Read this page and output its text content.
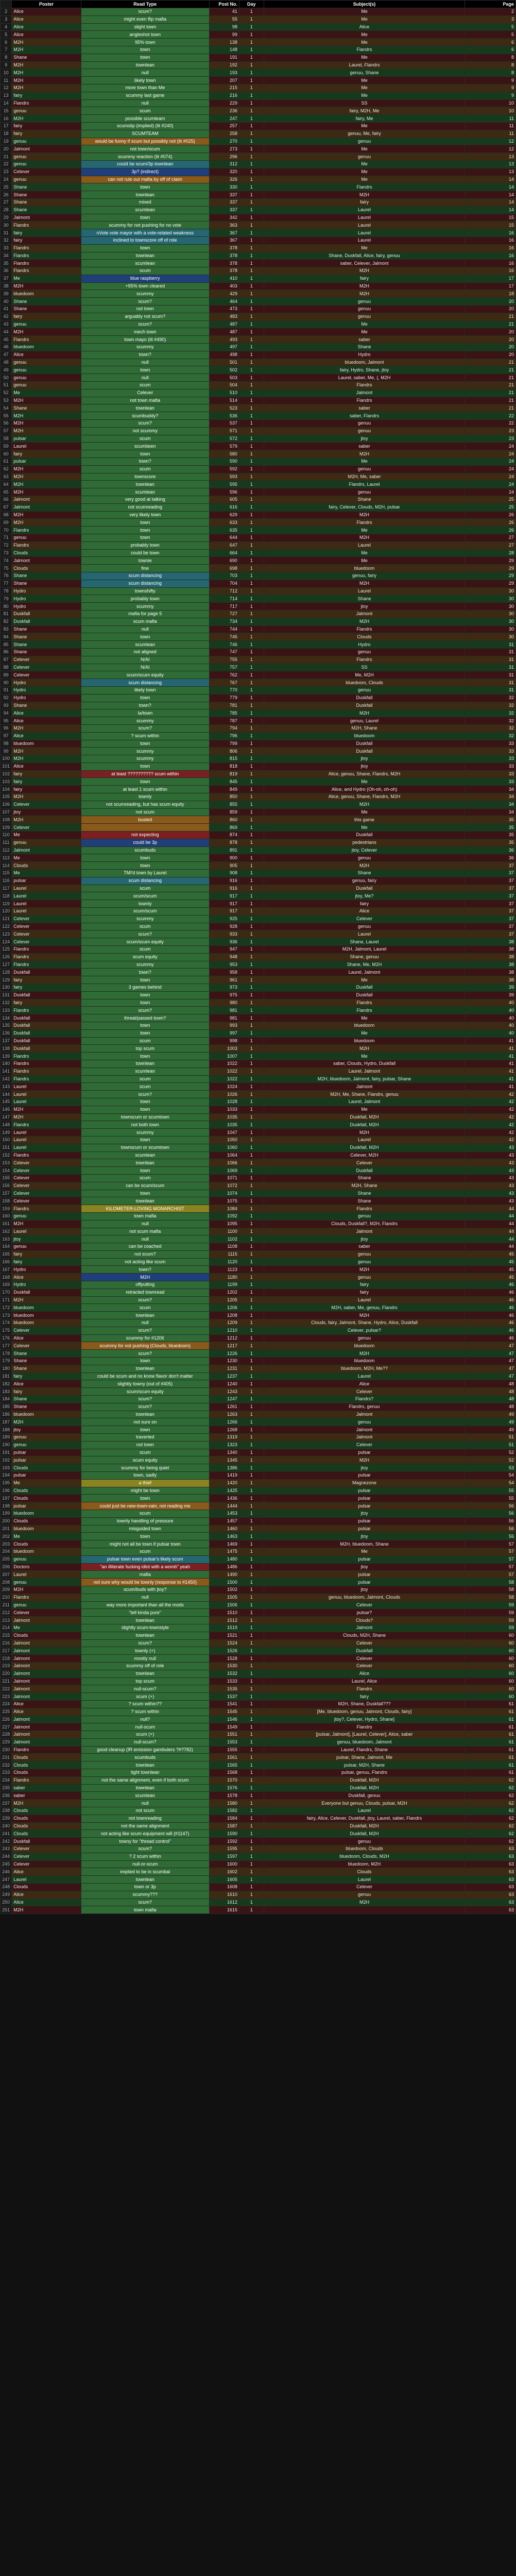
	Poster	Read Type	Post No.	Day	Subject(s)	Page
2	Alice	scum?	41	1	Me	2
3	Alice	might even flip mafia	55	1	Me	3
4	Alice	slight town	98	1	Alice	5
5	Alice	angleshot town	99	1	Me	5
6	M2H	95% town	138	1	Me	6
7	M2H	town	148	1	Flandrs	6
8	Shane	town	191	1	Me	8
9	M2H	townlean	192	1	Laurel, Flandrs	8
10	M2H	null	193	1	genuu, Shane	8
11	M2H	likely town	207	1	Me	9
12	M2H	more town than Me	215	1	Me	9
13	fairy	scummy last game	216	1	Me	9
14	Flandrs	null	229	1	SS	10
15	genuu	scum	236	1	fairy, M2H, Me	10
16	M2H	possible scumteam	247	1	fairy, Me	11
17	fairy	scumslip (implied) (lit #240)	257	1	Me	11
18	fairy	SCUMTEAM	258	1	genuu, Me, fairy	11
19	genuu	would be funny if scum but possibly not (lit #025)	270	1	genuu	12
20	Jalmont	not town/scum	273	1	Me	12
21	genuu	scummy reaction (lit #074)	296	1	genuu	13
22	genuu	could be scum/3p townlean	312	1	Me	13
23	Celever	3p? (indirect)	320	1	Me	13
24	genuu	can not rule out mafia by off of claim	326	1	Me	14
25	Shane	town	330	1	Flandrs	14
26	Shane	townlean	337	1	M2H	14
27	Shane	mixed	337	1	fairy	14
28	Shane	scumlean	337	1	Laurel	14
29	Jalmont	town	342	1	Laurel	15
30	Flandrs	scummy for not pushing for no vote	363	1	Laurel	15
31	fairy	nVote vote mayor with a vote-related weakness	367	1	Laurel	16
32	fairy	inclined to townscore off of role	367	1	Laurel	16
33	Flandrs	town	378	1	Me	16
34	Flandrs	townlean	378	1	Shane, Duskfall, Alice, fairy, genuu	16
35	Flandrs	scumlean	378	1	saber, Celever, Jalmont	16
36	Flandrs	scum	378	1	M2H	16
37	Me	blue raspberry	410	1	fairy	17
38	M2H	+95% town cleared	403	1	M2H	17
39	bluedoom	scummy	429	1	M2H	18
40	Shane	scum?	464	1	genuu	20
41	Shane	not town	473	1	genuu	20
42	fairy	arguably not scum?	483	1	genuu	21
43	genuu	scum?	487	1	Me	21
44	M2H	mech town	487	1	Me	20
45	Flandrs	town mayo (lit #490)	493	1	saber	20
46	bluedoom	scummy	497	1	Shane	20
47	Alice	town?	498	1	Hydro	20
48	genuu	null	501	1	bluedoom, Jalmont	21
49	genuu	town	502	1	fairy, Hydro, Shane, jtoy	21
50	genuu	null	503	1	Laurel, saber, Me, (, M2H	21
51	genuu	scum	504	1	Flandrs	21
52	Me	Celever	510	1	Jalmont	21
53	M2H	not town mafia	514	1	Flandrs	21
54	Shane	townlean	523	1	saber	21
55	M2H	scumbuddy?	536	1	saber, Flandrs	22
56	M2H	scum?	537	1	genuu	22
57	M2H	not scummy	571	1	genuu	23
58	pulsar	scum	572	1	jtoy	23
59	Laurel	scumbeen	579	1	saber	24
60	fairy	town	580	1	M2H	24
61	pulsar	town?	590	1	Me	24
62	M2H	scum	592	1	genuu	24
63	M2H	townscore	593	1	M2H, Me, saber	24
64	M2H	townlean	595	1	Flandrs, Laurel	24
65	M2H	scumlean	596	1	genuu	24
66	Jalmont	very good at talking	605	1	Shane	25
67	Jalmont	not scumreading	616	1	fairy, Celever, Clouds, M2H, pulsar	25
68	M2H	very likely town	629	1	M2H	26
69	M2H	town	633	1	Flandrs	26
70	Flandrs	town	635	1	Me	26
71	genuu	town	644	1	M2H	27
72	Flandrs	probably town	647	1	Laurel	27
73	Clouds	could be town	664	1	Me	28
74	Jalmont	townie	690	1	Me	29
75	Clouds	fine	698	1	bluedoom	29
76	Shane	scum distancing	703	1	genuu, fairy	29
77	Shane	scum distancing	704	1	M2H	29
78	Hydro	townshifty	712	1	Laurel	30
79	Hydro	probably town	714	1	Shane	30
80	Hydro	scummy	717	1	jtoy	30
81	Duskfall	mafia for page 5	727	1	Jalmont	30
82	Duskfall	scum mafia	734	1	M2H	30
83	Shane	null	744	1	Flandrs	30
84	Shane	town	745	1	Clouds	30
85	Shane	scumlean	746	1	Hydro	31
86	Shane	not aligned	747	1	genuu	31
87	Celever	N/AI	755	1	Flandrs	31
88	Celever	N/AI	757	1	SS	31
89	Celever	scum/scum equity	762	1	Me, M2H	31
90	Hydro	scum distancing	767	1	bluedoom, Clouds	31
91	Hydro	likely town	770	1	genuu	31
92	Hydro	town	779	1	Duskfall	32
93	Shane	town?	781	1	Duskfall	32
94	Alice	Ia/town	785	1	M2H	32
95	Alice	scummy	787	1	genuu, Laurel	32
96	M2H	scum?	794	1	M2H, Shane	32
97	Alice	? scum within	796	1	bluedoom	32
98	bluedoom	town	799	1	Duskfall	33
99	M2H	scummy	806	1	Duskfall	33
100	M2H	scummy	815	1	jtoy	33
101	Alice	town	818	1	jtoy	33
102	fairy	at least ?????????? scum within	819	1	Alice, genuu, Shane, Flandrs, M2H	33
103	fairy	town	845	1	Me	33
104	fairy	at least 1 scum within	849	1	Alice, and Hydro (Oh-oh, oh-oh)	34
105	M2H	townly	850	1	Alice, genuu, Shane, Flandrs, M2H	34
106	Celever	not scumreading, but has scum equity	855	1	M2H	34
107	jtoy	not scum	859	1	Me	34
108	M2H	busted	860	1	this game	35
109	Celever		869	1	Me	35
110	Me	not expecting	874	1	Duskfall	35
111	genuu	could be 3p	878	1	pedestrians	35
112	Jalmont	scumbuds	891	1	jtoy, Celever	36
113	Me	town	900	1	genuu	36
114	Clouds	town	905	1	M2H	37
115	Me	TMI'd town by Laurel	908	1	Shane	37
116	pulsar	scum distancing	916	1	genuu, fairy	37
117	Laurel	scum	916	1	Duskfall	37
118	Laurel	scum/scum	917	1	jtoy, Me?	37
119	Laurel	townly	917	1	fairy	37
120	Laurel	scum/scum	917	1	Alice	37
121	Celever	scummy	925	1	Celever	37
122	Celever	scum	928	1	genuu	37
123	Celever	scum?	933	1	Laurel	37
124	Celever	scum/scum equity	936	1	Shane, Laurel	38
125	Flandrs	scum	947	1	M2H, Jalmont, Laurel	38
126	Flandrs	scum equity	948	1	Shane, genuu	38
127	Flandrs	scummy	953	1	Shane, Me, M2H	38
128	Duskfall	town?	958	1	Laurel, Jalmont	38
129	fairy	town	961	1	Me	38
130	fairy	3 games behind	973	1	Duskfall	39
131	Duskfall	town	975	1	Duskfall	39
132	fairy	town	980	1	Flandrs	40
133	Flandrs	scum?	981	1	Flandrs	40
134	Duskfall	threat/passed town?	981	1	Me	40
135	Duskfall	town	993	1	bluedoom	40
136	Duskfall	town	997	1	Me	40
137	Duskfall	scum	998	1	bluedoom	41
138	Duskfall	top scum	1003	1	M2H	41
139	Flandrs	town	1007	1	Me	41
140	Flandrs	townlean	1022	1	saber, Clouds, Hydro, Duskfall	41
141	Flandrs	scumlean	1022	1	Laurel, Jalmont	41
142	Flandrs	scum	1022	1	M2H, bluedoom, Jalmont, fairy, pulsar, Shane	41
143	Laurel	scum	1024	1	Jalmont	41
144	Laurel	scum?	1026	1	M2H, Me, Shane, Flandrs, genuu	42
145	Laurel	town	1028	1	Laurel, Jalmont	42
146	M2H	town	1033	1	Me	42
147	M2H	townscum or scumtown	1035	1	Duskfall, M2H	42
148	Flandrs	not both town	1035	1	Duskfall, M2H	42
149	Laurel	scummy	1047	1	M2H	42
150	Laurel	town	1050	1	Laurel	42
151	Laurel	townscum or scumtown	1060	1	Duskfall, M2H	43
152	Flandrs	scumlean	1064	1	Celever, M2H	43
153	Celever	townlean	1066	1	Celever	43
154	Celever	town	1069	1	Duskfall	43
155	Celever	scum	1071	1	Shane	43
156	Celever	can be scum/scum	1072	1	M2H, Shane	43
157	Celever	town	1074	1	Shane	43
158	Celever	townlean	1075	1	Shane	43
159	Flandrs	KILOMETER-LOVING MONARCHIST	1084	1	Flandrs	44
160	genuu	town mafia	1092	1	genuu	44
161	M2H	null	1095	1	Clouds, Duskfall?, M2H, Flandrs	44
162	Laurel	not scum mafia	1100	1	Jalmont	44
163	jtoy	null	1102	1	jtoy	44
164	genuu	can be coached	1108	1	saber	44
165	fairy	not scum?	1115	1	genuu	45
166	fairy	not acting like scum	1120	1	genuu	45
167	Hydro	town?	1123	1	M2H	45
168	Alice	M2H	1180	1	genuu	45
169	Hydro	offputting	1199	1	fairy	46
170	Duskfall	retracted townread	1202	1	fairy	46
171	M2H	scum?	1205	1	Laurel	46
172	bluedoom	scum	1206	1	M2H, saber, Me, genuu, Flandrs	46
173	bluedoom	townlean	1208	1	M2H	46
174	bluedoom	null	1209	1	Clouds, fairy, Jalmont, Shane, Hydro, Alice, Duskfall	46
175	Celever	scum?	1210	1	Celever, pulsar?	46
176	Alice	scummy for #1206	1212	1	genuu	46
177	Celever	scummy for not pushing (Clouds, bluedoom)	1217	1	bluedoom	47
178	Shane	scum?	1226	1	M2H	47
179	Shane	town	1230	1	bluedoom	47
180	Shane	townlean	1231	1	bluedoom, M2H, Me??	47
181	fairy	could be scum and no know flavor don't matter	1237	1	Laurel	47
182	Alice	slightly towny (out of #405)	1240	1	Alice	48
183	fairy	scum/scum equity	1243	1	Celever	48
184	Shane	scum?	1247	1	Flandrs?	48
185	Shane	scum?	1261	1	Flandrs, genuu	48
186	bluedoom	townlean	1263	1	Jalmont	49
187	M2H	not sure on	1266	1	genuu	49
188	jtoy	town	1268	1	Jalmont	49
189	genuu	traverted	1319	1	Jalmont	51
190	genuu	not town	1323	1	Celever	51
191	pulsar	scum	1340	1	pulsar	52
192	pulsar	scum equity	1345	1	M2H	52
193	Clouds	scummy for being quiet	1386	1	jtoy	53
194	pulsar	town, sadly	1419	1	pulsar	54
195	Me	a thief	1420	1	Magnezone	54
196	Clouds	might be town	1425	1	pulsar	55
197	Clouds	town	1436	1	pulsar	55
198	pulsar	could just be new-town-vain, not reading me	1444	1	pulsar	56
199	bluedoom	scum	1453	1	jtoy	56
200	Clouds	townly handling of pressure	1457	1	pulsar	56
201	bluedoom	misguided town	1460	1	pulsar	56
202	Me	town	1463	1	jtoy	56
203	Clouds	might not all be town if pulsar town	1469	1	M2H, bluedoom, Shane	57
204	bluedoom	scum	1475	1	Me	57
205	genuu	pulsar town even pulsar's likely scum	1480	1	pulsar	57
206	Doctors	"an illiterate fucking idiot with a womb" yeah	1486	1	jtoy	57
207	Laurel	mafia	1490	1	pulsar	57
208	genuu	not sure why would be townly (response to #1450)	1500	1	pulsar	58
209	M2H	scum/buds with jtoy?	1502	1	jtoy	58
210	Flandrs	null	1505	1	genuu, bluedoom, Jalmont, Clouds	58
211	genuu	way more important than all the mods	1506	1	Celever	59
212	Celever	"tell kinda pure"	1510	1	pulsar?	59
213	Jalmont	townlean	1512	1	Clouds?	59
214	Me	slightly scum-townstyle	1519	1	Jalmont	59
215	Clouds	townlean	1521	1	Clouds, M2H, Shane	60
216	Jalmont	scum?	1524	1	Celever	60
217	Jalmont	townly (+)	1526	1	Duskfall	60
218	Jalmont	mostly null	1528	1	Celever	60
219	Jalmont	scummy off of role	1530	1	Celever	60
220	Jalmont	townlean	1532	1	Alice	60
221	Jalmont	top scum	1533	1	Laurel, Alice	60
222	Jalmont	null-scum?	1535	1	Flandrs	60
223	Jalmont	scum (+)	1537	1	fairy	60
224	Alice	? scum within??	1541	1	M2H, Shane, Duskfall???	61
225	Alice	? scum within	1545	1	[Me, bluedoom, genuu, Jalmont, Clouds, fairy]	61
226	Jalmont	null?	1546	1	jtoy?, Celever, Hydro, Shane]	61
227	Jalmont	null-scum	1549	1	Flandrs	61
228	Jalmont	scum (+)	1551	1	[pulsar, Jalmont], [Laurel, Celever], Alice, saber	61
229	Jalmont	null-scum?	1553	1	genuu, bluedoom, Jalmont	61
230	Flandrs	good cleanup (IR emission gambulers ?#?782)	1555	1	Laurel, Flandrs, Shane	61
231	Clouds	scumbuds	1561	1	pulsar, Shane, Jalmont, Me	61
232	Clouds	townlean	1565	1	pulsar, M2H, Shane	61
233	Clouds	tight townlean	1568	1	pulsar, genuu, Flandrs	61
234	Flandrs	not the same alignment, even if both scum	1570	1	Duskfall, M2H	62
235	saber	townlean	1576	1	Duskfall, M2H	62
236	saber	scumlean	1578	1	Duskfall, genuu	62
237	M2H	null	1580	1	Everyone but genuu, Clouds, pulsar, M2H	62
238	Clouds	not scum	1582	1	Laurel	62
239	Clouds	not townreading	1584	1	fairy, Alice, Celever, Duskfall, jtoy, Laurel, saber, Flandrs	62
240	Clouds	not the same alignment	1587	1	Duskfall, M2H	62
241	Clouds	not acting like scum equipment will (#1147)	1590	1	Duskfall, M2H	62
242	Duskfall	towny for "thread control"	1592	1	genuu	62
243	Celever	scum?	1595	1	bluedoom, Clouds	63
244	Celever	? 2 scum within	1597	1	bluedoom, Clouds, M2H	63
245	Celever	null-or-scum	1600	1	bluedoom, M2H	63
246	Alice	implied to be in scumbal	1602	1	Clouds	63
247	Laurel	townlean	1605	1	Laurel	63
248	Clouds	town or 3p	1608	1	Celever	63
249	Alice	scummy???	1610	1	genuu	63
250	Alice	scum?	1612	1	M2H	63
251	M2H	town mafia	1615	1		63
